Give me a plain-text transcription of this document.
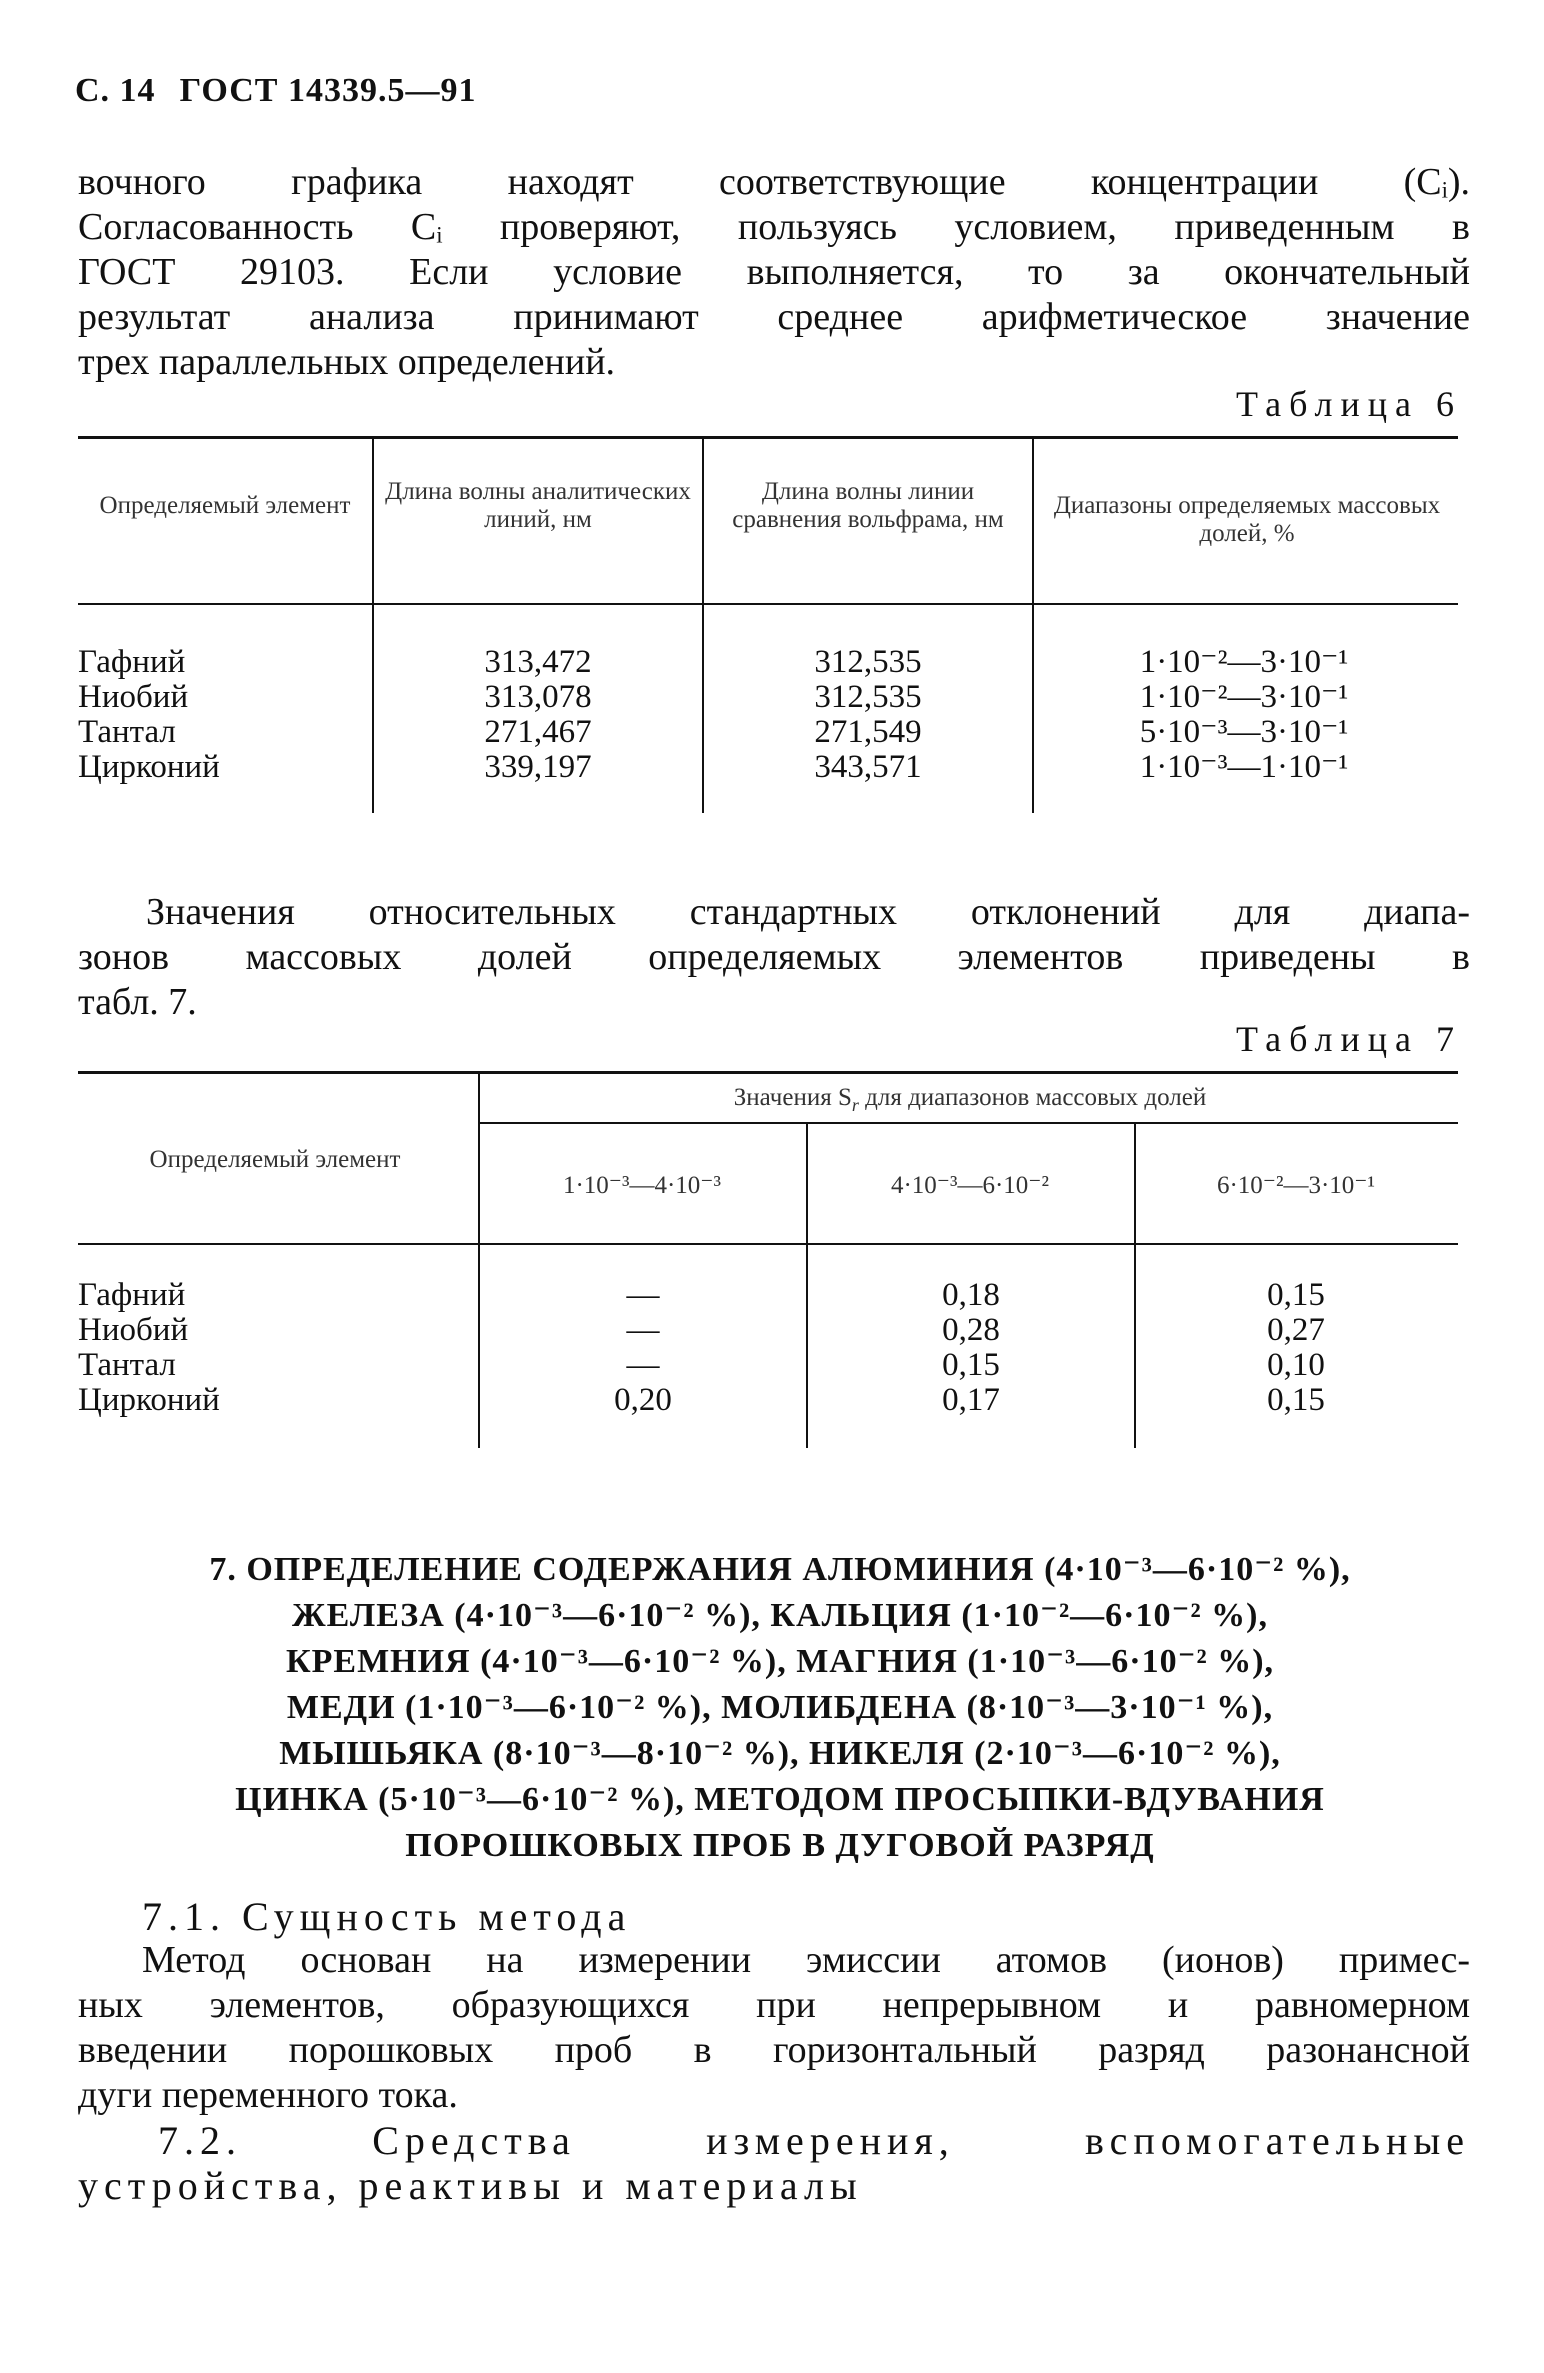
С. 14 ГОСТ 14339.5—91

вочного графика находят соответствующие концентрации (Cᵢ).

Согласованность Cᵢ проверяют, пользуясь условием, приведенным в

ГОСТ 29103. Если условие выполняется, то за окончательный

результат анализа принимают среднее арифметическое значение

трех параллельных определений.

Таблица 6
Определяемый элемент
Длина волны аналитических линий, нм
Длина волны линии сравнения вольфрама, нм
Диапазоны определяемых массовых долей, %
Гафний
Ниобий
Тантал
Цирконий
313,472
313,078
271,467
339,197
312,535
312,535
271,549
343,571
1·10⁻²—3·10⁻¹
1·10⁻²—3·10⁻¹
5·10⁻³—3·10⁻¹
1·10⁻³—1·10⁻¹

Значения относительных стандартных отклонений для диапа-

зонов массовых долей определяемых элементов приведены в

табл. 7.

Таблица 7
Определяемый элемент
Значения $S_r$ для диапазонов массовых долей
1·10⁻³—4·10⁻³	4·10⁻³—6·10⁻²	6·10⁻²—3·10⁻¹
Гафний
Ниобий
Тантал
Цирконий
—
—
—
0,20
0,18
0,28
0,15
0,17
0,15
0,27
0,10
0,15
7. ОПРЕДЕЛЕНИЕ СОДЕРЖАНИЯ АЛЮМИНИЯ (4·10⁻³—6·10⁻² %),
ЖЕЛЕЗА (4·10⁻³—6·10⁻² %), КАЛЬЦИЯ (1·10⁻²—6·10⁻² %),
КРЕМНИЯ (4·10⁻³—6·10⁻² %), МАГНИЯ (1·10⁻³—6·10⁻² %),
МЕДИ (1·10⁻³—6·10⁻² %), МОЛИБДЕНА (8·10⁻³—3·10⁻¹ %),
МЫШЬЯКА (8·10⁻³—8·10⁻² %), НИКЕЛЯ (2·10⁻³—6·10⁻² %),
ЦИНКА (5·10⁻³—6·10⁻² %), МЕТОДОМ ПРОСЫПКИ-ВДУВАНИЯ
ПОРОШКОВЫХ ПРОБ В ДУГОВОЙ РАЗРЯД
7.1. Сущность метода

Метод основан на измерении эмиссии атомов (ионов) примес-

ных элементов, образующихся при непрерывном и равномерном

введении порошковых проб в горизонтальный разряд разонансной

дуги переменного тока.

7.2. Средства измерения, вспомогательные

устройства, реактивы и материалы
